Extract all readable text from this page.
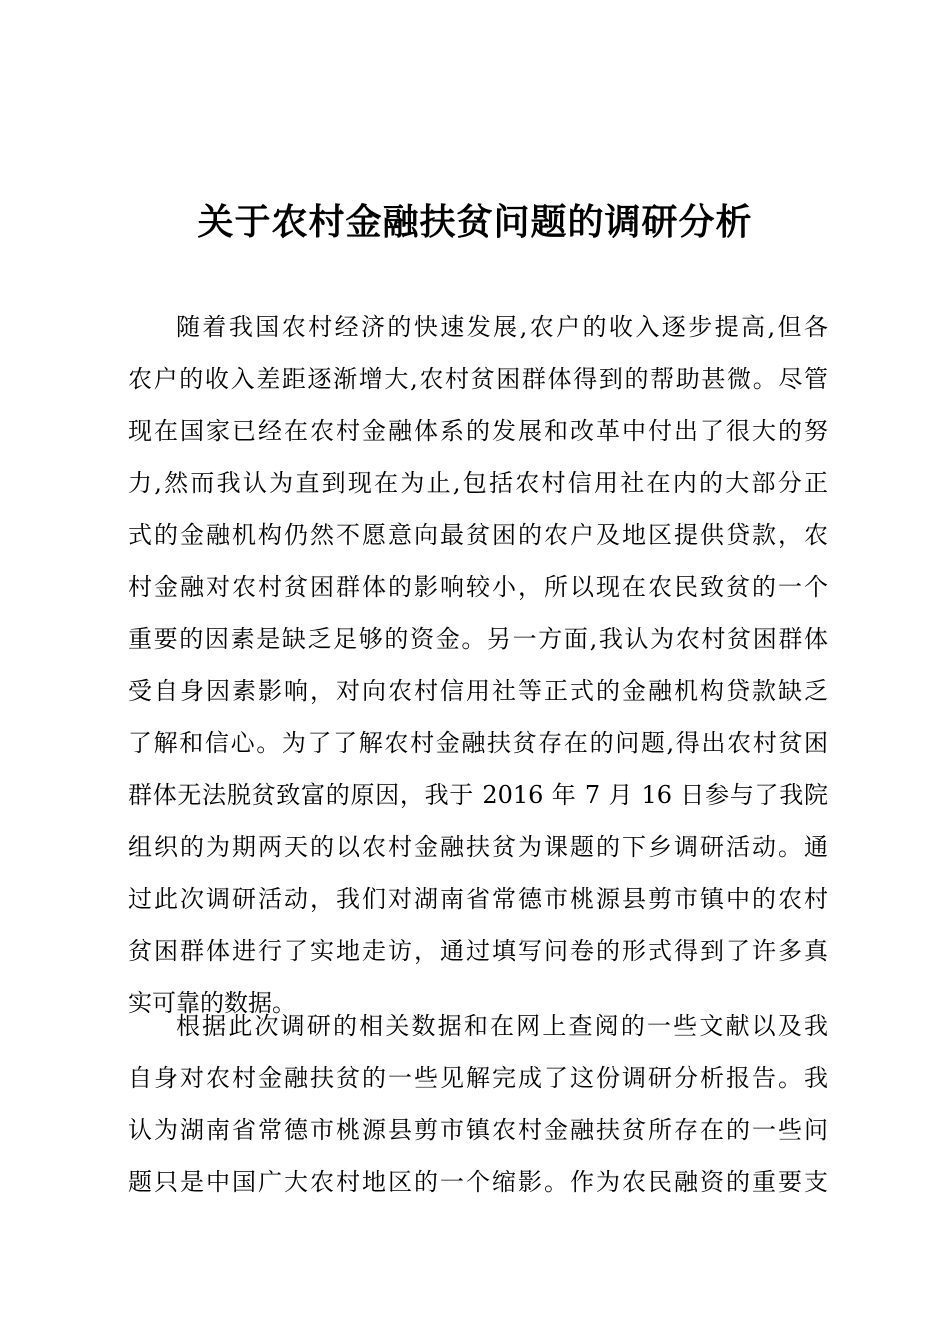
关于农村金融扶贫问题的调研分析
随着我国农村经济的快速发展,农户的收入逐步提高,但各
农户的收入差距逐渐增大,农村贫困群体得到的帮助甚微。尽管
现在国家已经在农村金融体系的发展和改革中付出了很大的努
力,然而我认为直到现在为止,包括农村信用社在内的大部分正
式的金融机构仍然不愿意向最贫困的农户及地区提供贷款，农
村金融对农村贫困群体的影响较小，所以现在农民致贫的一个
重要的因素是缺乏足够的资金。另一方面,我认为农村贫困群体
受自身因素影响，对向农村信用社等正式的金融机构贷款缺乏
了解和信心。为了了解农村金融扶贫存在的问题,得出农村贫困
群体无法脱贫致富的原因，我于 2016 年 7 月 16 日参与了我院
组织的为期两天的以农村金融扶贫为课题的下乡调研活动。通
过此次调研活动，我们对湖南省常德市桃源县剪市镇中的农村
贫困群体进行了实地走访，通过填写问卷的形式得到了许多真
实可靠的数据。
根据此次调研的相关数据和在网上查阅的一些文献以及我
自身对农村金融扶贫的一些见解完成了这份调研分析报告。我
认为湖南省常德市桃源县剪市镇农村金融扶贫所存在的一些问
题只是中国广大农村地区的一个缩影。作为农民融资的重要支
